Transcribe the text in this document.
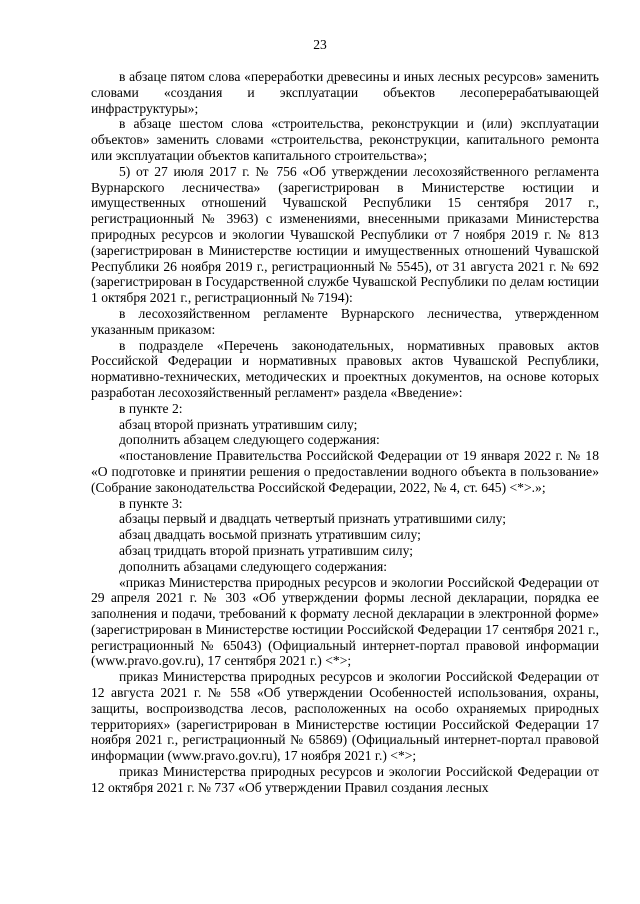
23

в абзаце пятом слова «переработки древесины и иных лесных ресурсов» заменить словами «создания и эксплуатации объектов лесоперерабатывающей инфраструктуры»;

в абзаце шестом слова «строительства, реконструкции и (или) эксплуатации объектов» заменить словами «строительства, реконструкции, капитального ремонта или эксплуатации объектов капитального строительства»;

5) от 27 июля 2017 г. № 756 «Об утверждении лесохозяйственного регламента Вурнарского лесничества» (зарегистрирован в Министерстве юстиции и имущественных отношений Чувашской Республики 15 сентября 2017 г., регистрационный № 3963) с изменениями, внесенными приказами Министерства природных ресурсов и экологии Чувашской Республики от 7 ноября 2019 г. № 813 (зарегистрирован в Министерстве юстиции и имущественных отношений Чувашской Республики 26 ноября 2019 г., регистрационный № 5545), от 31 августа 2021 г. № 692 (зарегистрирован в Государственной службе Чувашской Республики по делам юстиции 1 октября 2021 г., регистрационный № 7194):

в лесохозяйственном регламенте Вурнарского лесничества, утвержденном указанным приказом:

в подразделе «Перечень законодательных, нормативных правовых актов Российской Федерации и нормативных правовых актов Чувашской Республики, нормативно-технических, методических и проектных документов, на основе которых разработан лесохозяйственный регламент» раздела «Введение»:

в пункте 2:

абзац второй признать утратившим силу;

дополнить абзацем следующего содержания:

«постановление Правительства Российской Федерации от 19 января 2022 г. № 18 «О подготовке и принятии решения о предоставлении водного объекта в пользование» (Собрание законодательства Российской Федерации, 2022, № 4, ст. 645) <*>.»;

в пункте 3:

абзацы первый и двадцать четвертый признать утратившими силу;

абзац двадцать восьмой признать утратившим силу;

абзац тридцать второй признать утратившим силу;

дополнить абзацами следующего содержания:

«приказ Министерства природных ресурсов и экологии Российской Федерации от 29 апреля 2021 г. № 303 «Об утверждении формы лесной декларации, порядка ее заполнения и подачи, требований к формату лесной декларации в электронной форме» (зарегистрирован в Министерстве юстиции Российской Федерации 17 сентября 2021 г., регистрационный № 65043) (Официальный интернет-портал правовой информации (www.pravo.gov.ru), 17 сентября 2021 г.) <*>;

приказ Министерства природных ресурсов и экологии Российской Федерации от 12 августа 2021 г. № 558 «Об утверждении Особенностей использования, охраны, защиты, воспроизводства лесов, расположенных на особо охраняемых природных территориях» (зарегистрирован в Министерстве юстиции Российской Федерации 17 ноября 2021 г., регистрационный № 65869) (Официальный интернет-портал правовой информации (www.pravo.gov.ru), 17 ноября 2021 г.) <*>;

приказ Министерства природных ресурсов и экологии Российской Федерации от 12 октября 2021 г. № 737 «Об утверждении Правил создания лесных
